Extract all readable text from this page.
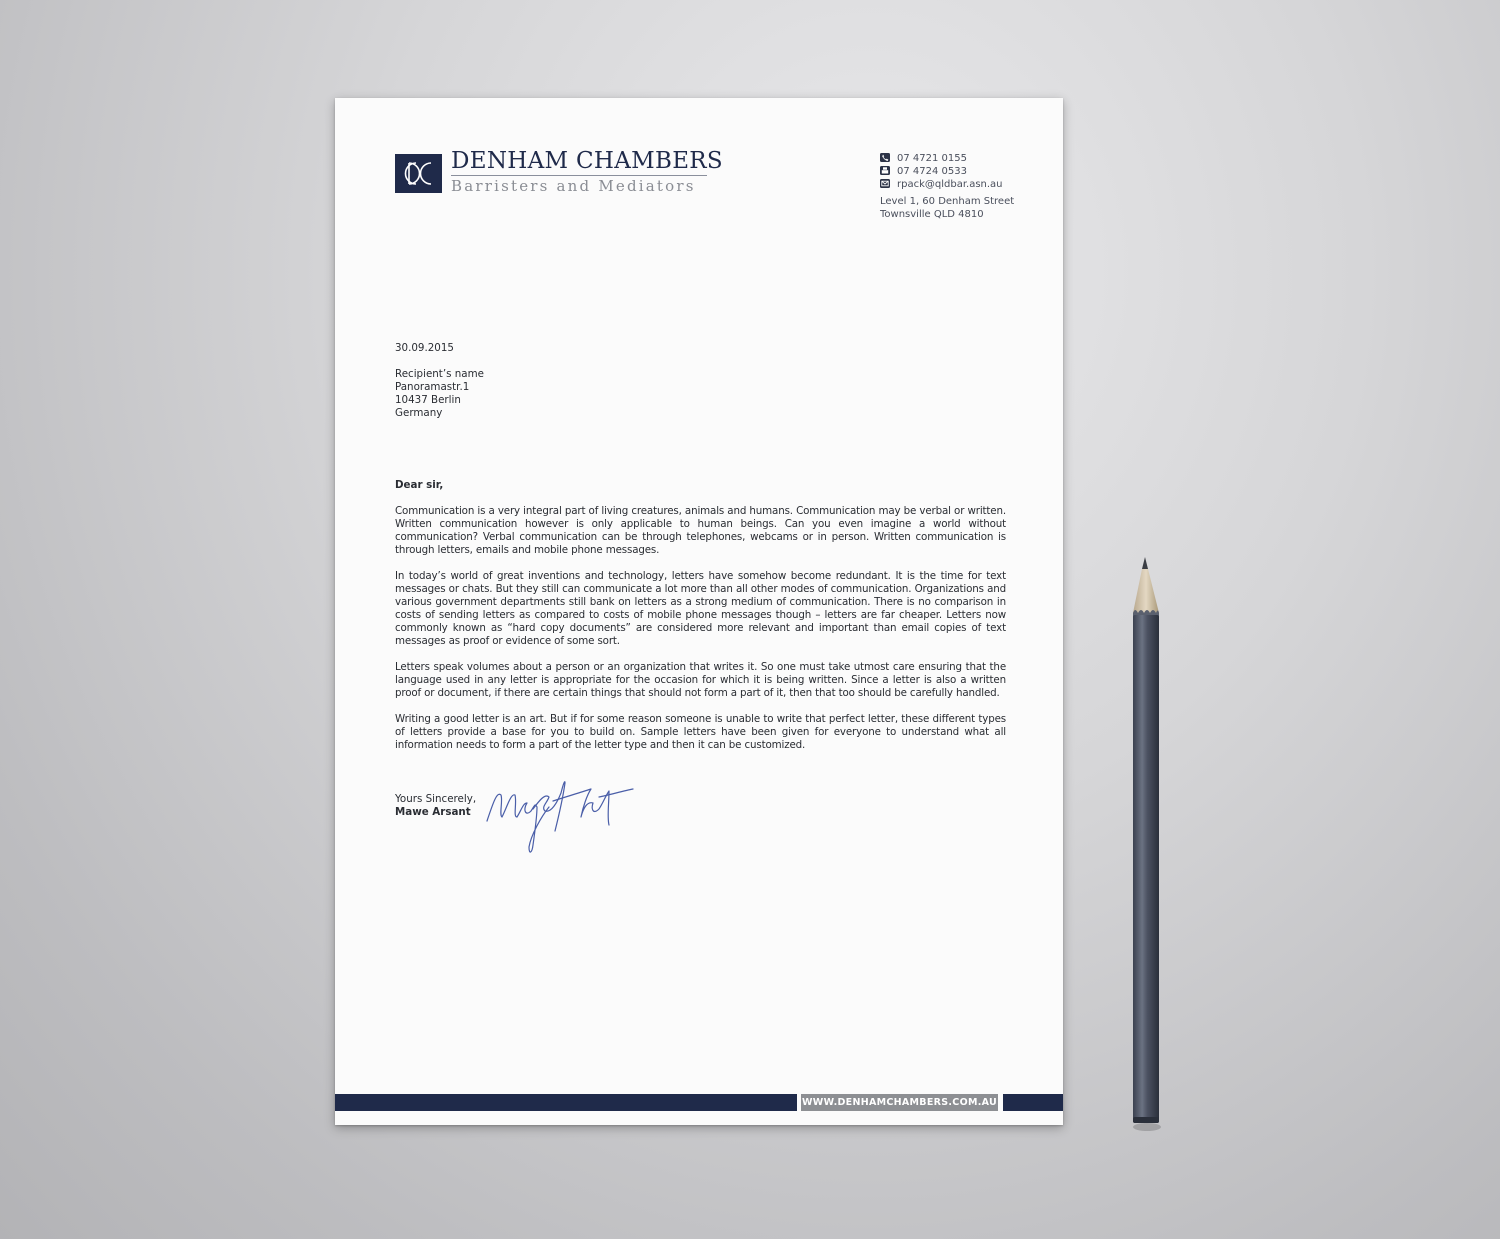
DENHAM CHAMBERS
Barristers and Mediators
07 4721 0155
07 4724 0533
rpack@qldbar.asn.au
Level 1, 60 Denham Street
Townsville QLD 4810
30.09.2015
Recipient’s name
Panoramastr.1
10437 Berlin
Germany
Dear sir,

Communication is a very integral part of living creatures, animals and humans. Communication may be verbal or written. Written communication however is only applicable to human beings. Can you even imagine a world without communication? Verbal communication can be through telephones, webcams or in person. Written communication is through letters, emails and mobile phone messages.

In today’s world of great inventions and technology, letters have somehow become redundant. It is the time for text messages or chats. But they still can communicate a lot more than all other modes of communication. Organizations and various government departments still bank on letters as a strong medium of communication. There is no comparison in costs of sending letters as compared to costs of mobile phone messages though – letters are far cheaper. Letters now commonly known as “hard copy documents” are considered more relevant and important than email copies of text messages as proof or evidence of some sort.

Letters speak volumes about a person or an organization that writes it. So one must take utmost care ensuring that the language used in any letter is appropriate for the occasion for which it is being written. Since a letter is also a written proof or document, if there are certain things that should not form a part of it, then that too should be carefully handled.

Writing a good letter is an art. But if for some reason someone is unable to write that perfect letter, these different types of letters provide a base for you to build on. Sample letters have been given for everyone to understand what all information needs to form a part of the letter type and then it can be customized.

Yours Sincerely,
Mawe Arsant
WWW.DENHAMCHAMBERS.COM.AU
